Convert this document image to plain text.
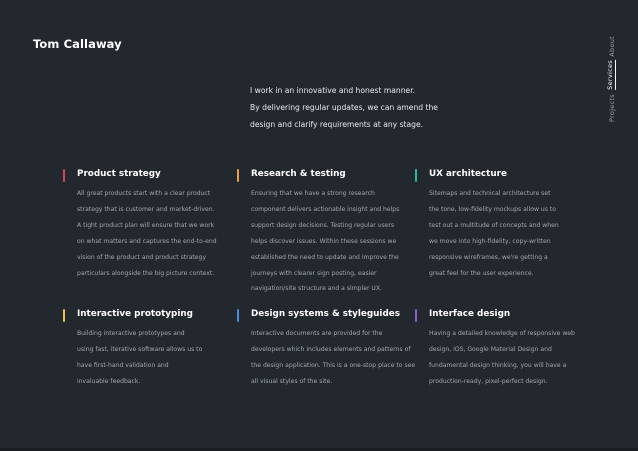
Tom Callaway	About
Services
Projects

I work in an innovative and honest manner.

By delivering regular updates, we can amend the

design and clarify requirements at any stage.

Product strategy
All great products start with a clear product
strategy that is customer and market-driven.
A tight product plan will ensure that we work
on what matters and captures the end-to-end
vision of the product and product strategy
particulars alongside the big picture context.
Research & testing
Ensuring that we have a strong research
component delivers actionable insight and helps
support design decisions. Testing regular users
helps discover issues. Within these sessions we
established the need to update and improve the
journeys with clearer sign posting, easier
navigation/site structure and a simpler UX.
UX architecture
Sitemaps and technical architecture set
the tone, low-fidelity mockups allow us to
test out a multitude of concepts and when
we move into high-fidelity, copy-written
responsive wireframes, we're getting a
great feel for the user experience.
Interactive prototyping
Building interactive prototypes and
using fast, iterative software allows us to
have first-hand validation and
invaluable feedback.
Design systems & styleguides
Interactive documents are provided for the
developers which includes elements and patterns of
the design application. This is a one-stop place to see
all visual styles of the site.
Interface design
Having a detailed knowledge of responsive web
design, iOS, Google Material Design and
fundamental design thinking, you will have a
production-ready, pixel-perfect design.
